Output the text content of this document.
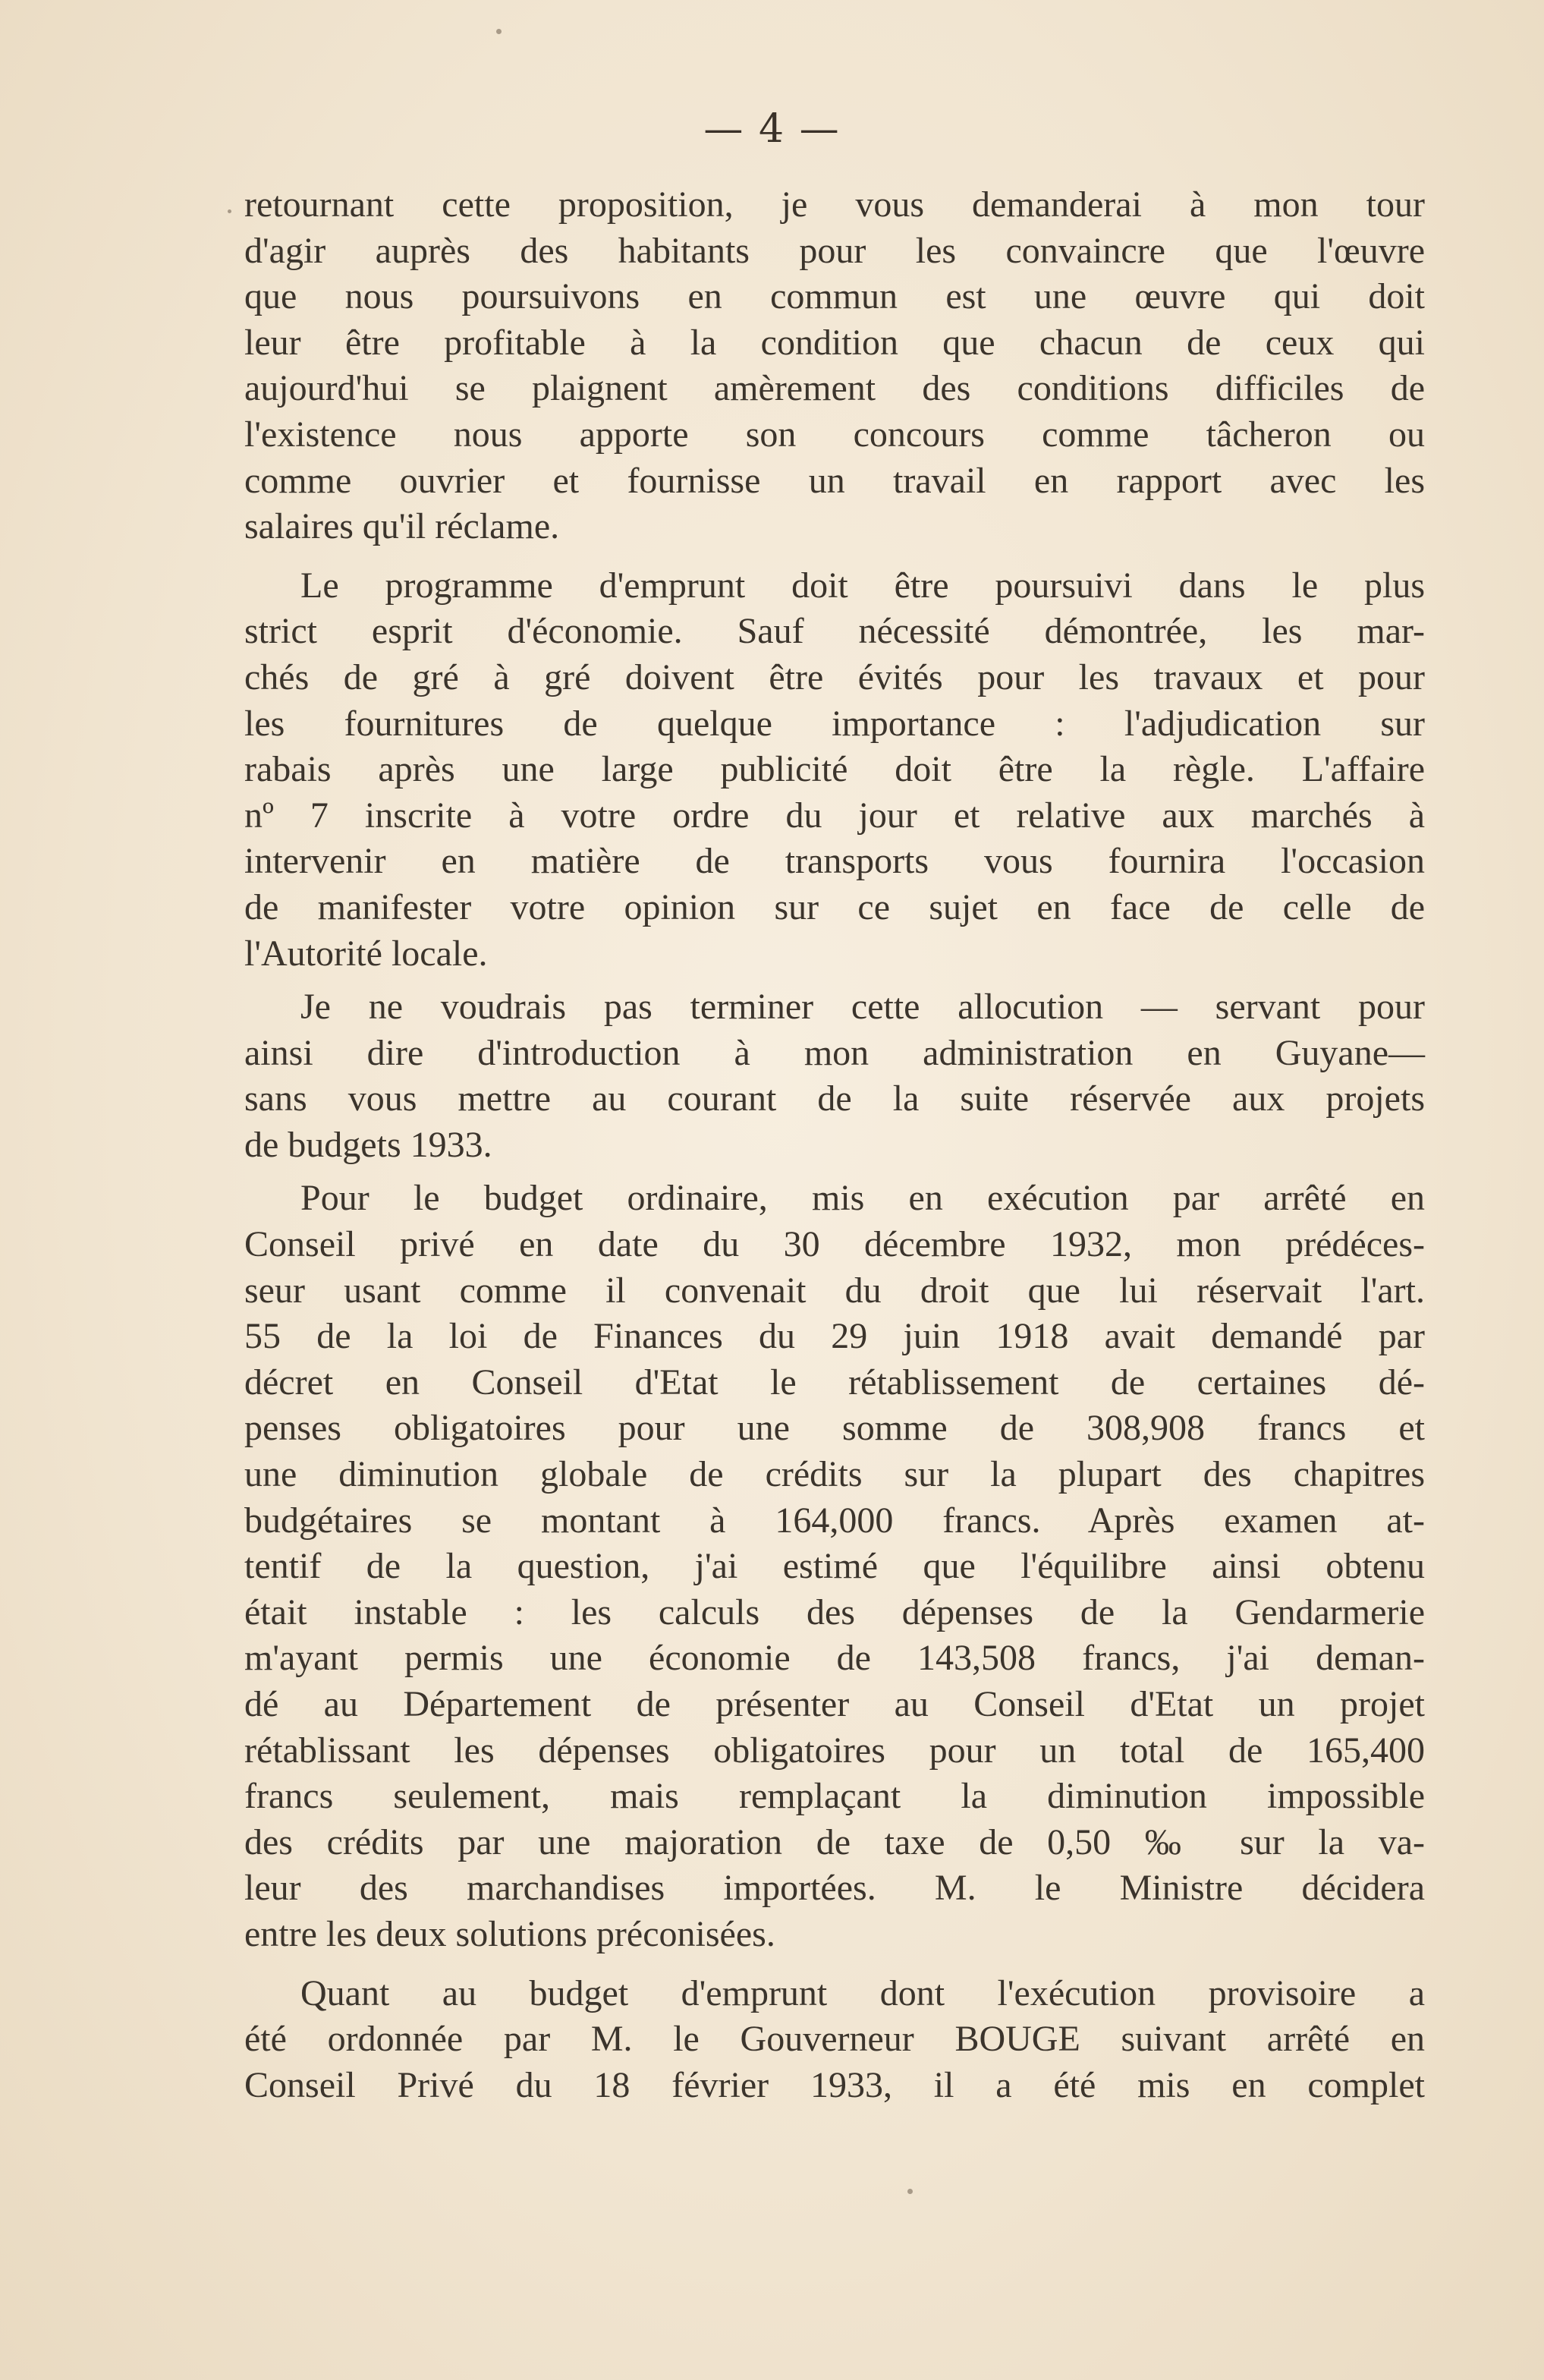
— 4 —
retournant cette proposition, je vous demanderai à mon tour
d'agir auprès des habitants pour les convaincre que l'œuvre
que nous poursuivons en commun est une œuvre qui doit
leur être profitable à la condition que chacun de ceux qui
aujourd'hui se plaignent amèrement des conditions difficiles de
l'existence nous apporte son concours comme tâcheron ou
comme ouvrier et fournisse un travail en rapport avec les
salaires qu'il réclame.
Le programme d'emprunt doit être poursuivi dans le plus
strict esprit d'économie. Sauf nécessité démontrée, les mar-
chés de gré à gré doivent être évités pour les travaux et pour
les fournitures de quelque importance : l'adjudication sur
rabais après une large publicité doit être la règle. L'affaire
nº 7 inscrite à votre ordre du jour et relative aux marchés à
intervenir en matière de transports vous fournira l'occasion
de manifester votre opinion sur ce sujet en face de celle de
l'Autorité locale.
Je ne voudrais pas terminer cette allocution — servant pour
ainsi dire d'introduction à mon administration en Guyane—
sans vous mettre au courant de la suite réservée aux projets
de budgets 1933.
Pour le budget ordinaire, mis en exécution par arrêté en
Conseil privé en date du 30 décembre 1932, mon prédéces-
seur usant comme il convenait du droit que lui réservait l'art.
55 de la loi de Finances du 29 juin 1918 avait demandé par
décret en Conseil d'Etat le rétablissement de certaines dé-
penses obligatoires pour une somme de 308,908 francs et
une diminution globale de crédits sur la plupart des chapitres
budgétaires se montant à 164,000 francs. Après examen at-
tentif de la question, j'ai estimé que l'équilibre ainsi obtenu
était instable : les calculs des dépenses de la Gendarmerie
m'ayant permis une économie de 143,508 francs, j'ai deman-
dé au Département de présenter au Conseil d'Etat un projet
rétablissant les dépenses obligatoires pour un total de 165,400
francs seulement, mais remplaçant la diminution impossible
des crédits par une majoration de taxe de 0,50 ‰ sur la va-
leur des marchandises importées. M. le Ministre décidera
entre les deux solutions préconisées.
Quant au budget d'emprunt dont l'exécution provisoire a
été ordonnée par M. le Gouverneur BOUGE suivant arrêté en
Conseil Privé du 18 février 1933, il a été mis en complet
